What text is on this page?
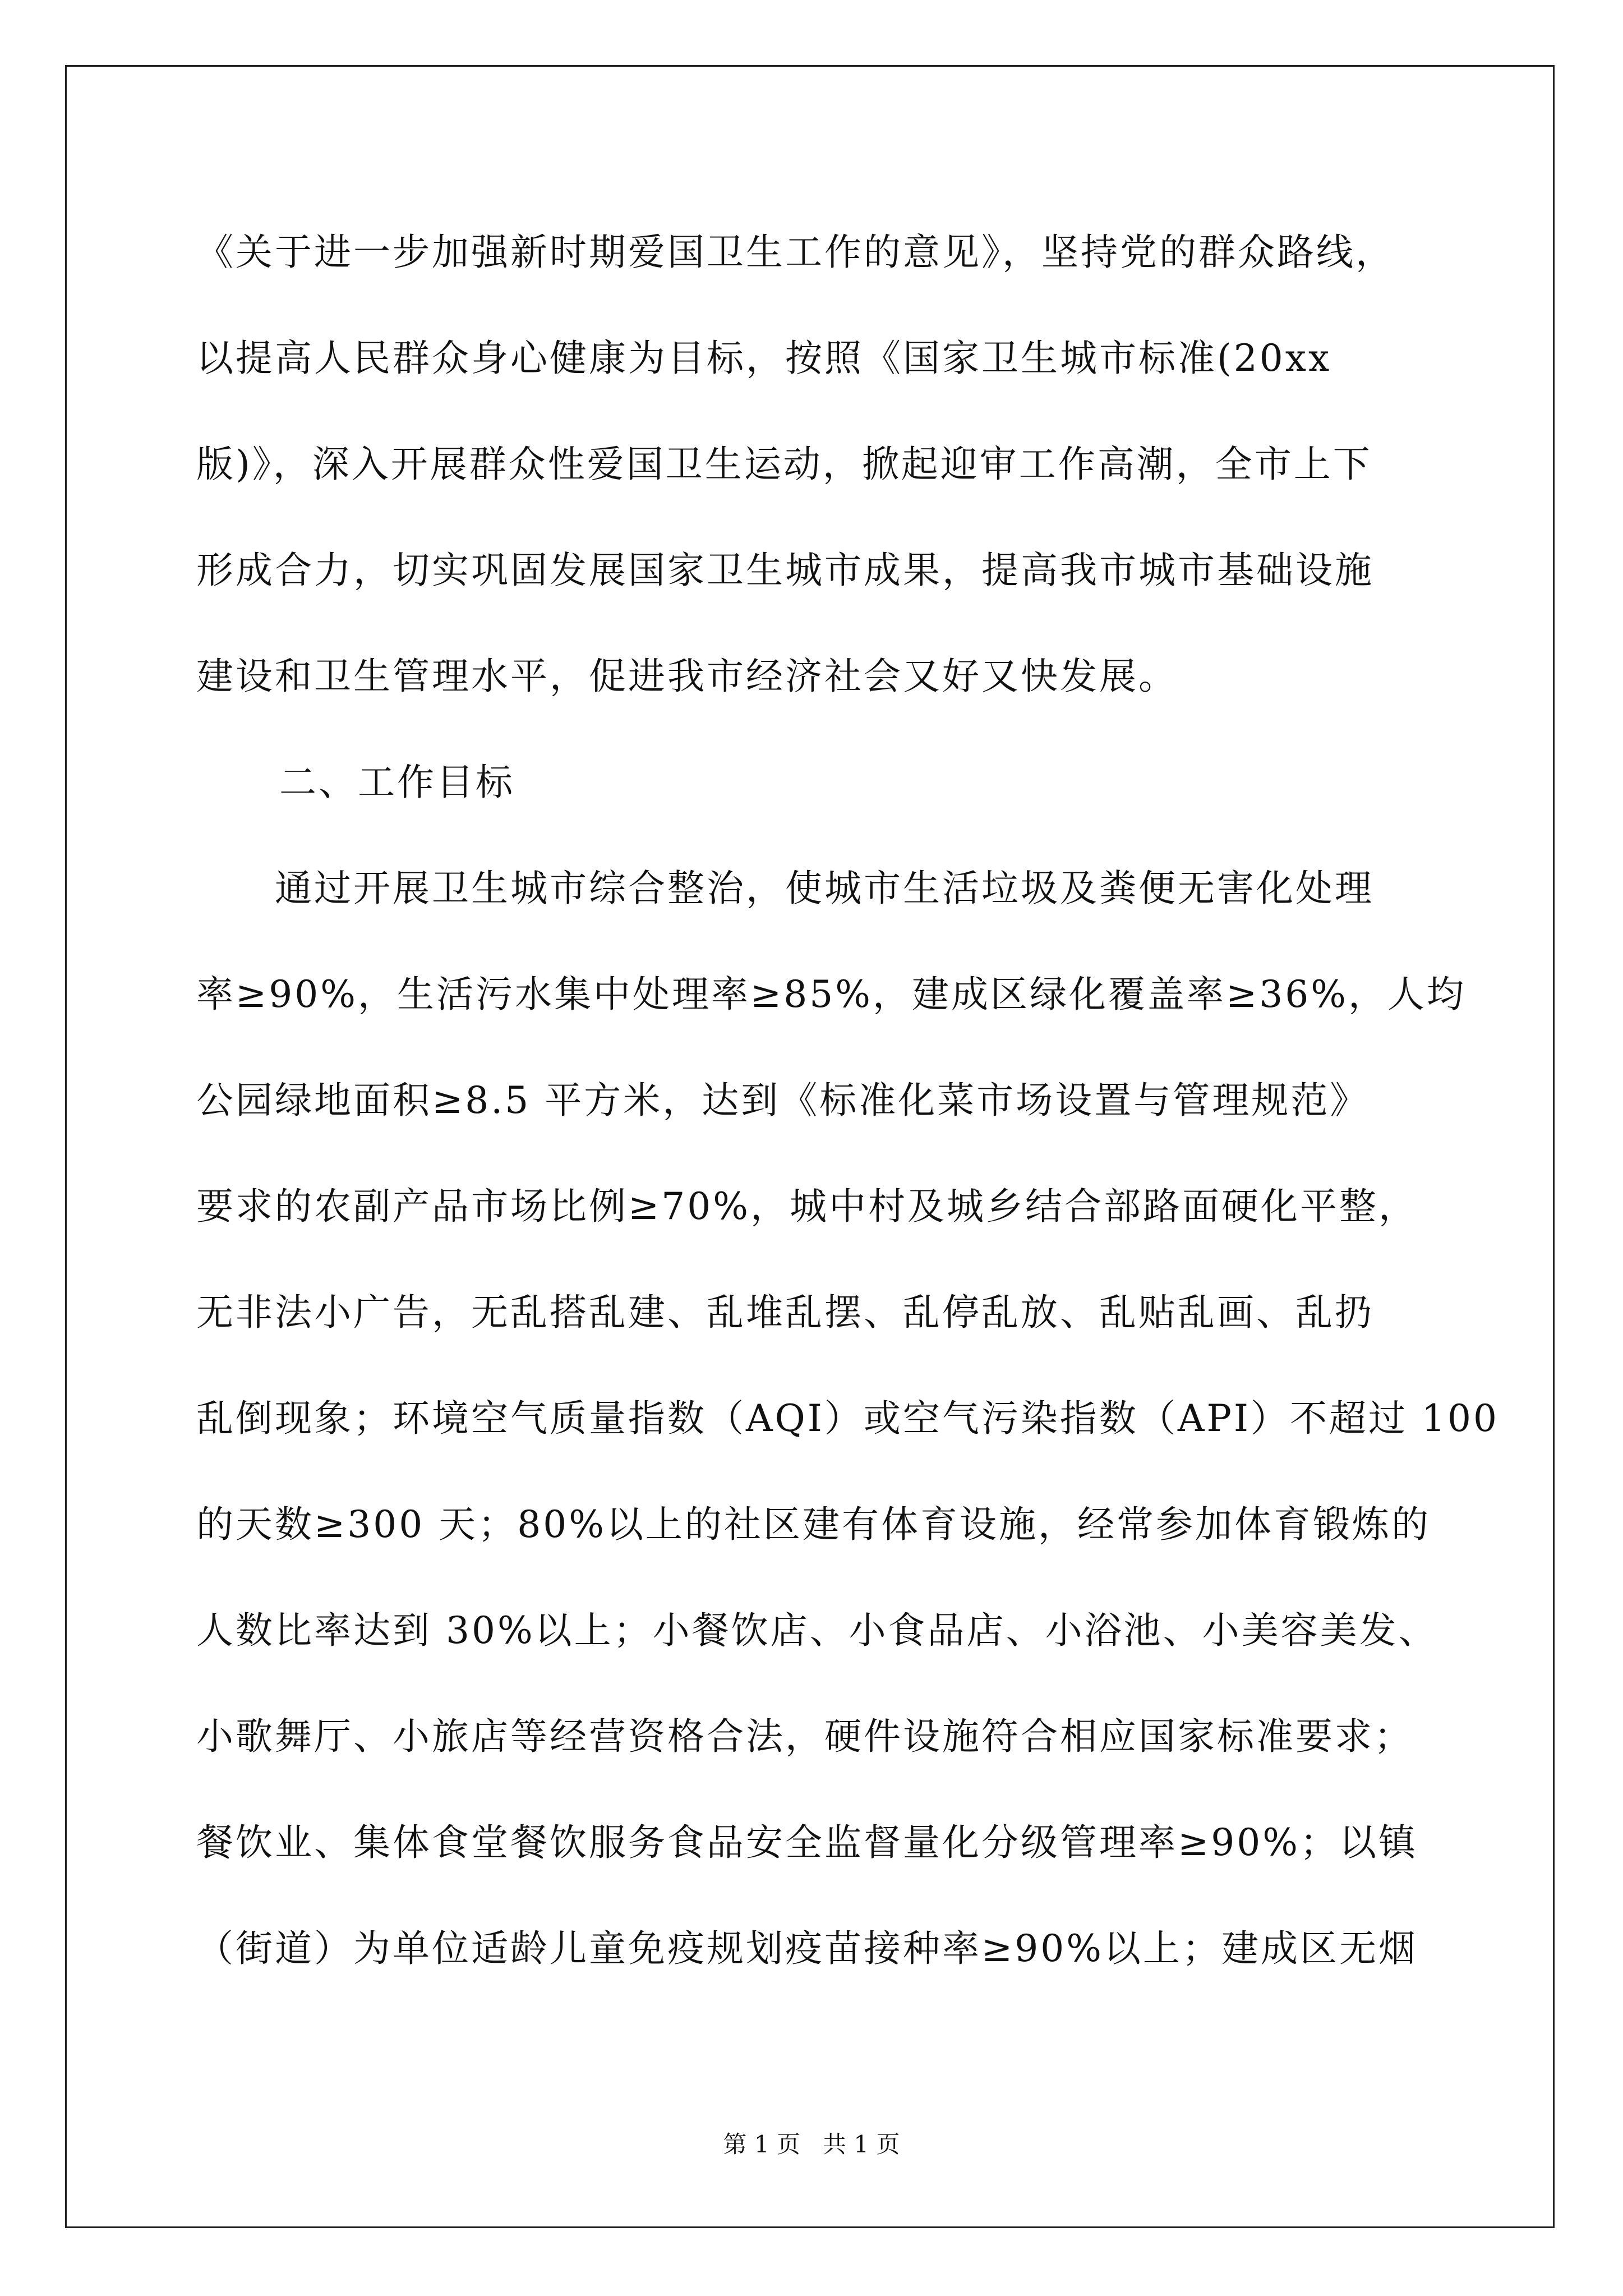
《关于进一步加强新时期爱国卫生工作的意见》，坚持党的群众路线，
以提高人民群众身心健康为目标，按照《国家卫生城市标准(20xx
版)》，深入开展群众性爱国卫生运动，掀起迎审工作高潮，全市上下
形成合力，切实巩固发展国家卫生城市成果，提高我市城市基础设施
建设和卫生管理水平，促进我市经济社会又好又快发展。
二、工作目标
通过开展卫生城市综合整治，使城市生活垃圾及粪便无害化处理
率≥90%，生活污水集中处理率≥85%，建成区绿化覆盖率≥36%，人均
公园绿地面积≥8.5 平方米，达到《标准化菜市场设置与管理规范》
要求的农副产品市场比例≥70%，城中村及城乡结合部路面硬化平整，
无非法小广告，无乱搭乱建、乱堆乱摆、乱停乱放、乱贴乱画、乱扔
乱倒现象；环境空气质量指数（AQI）或空气污染指数（API）不超过 100
的天数≥300 天；80%以上的社区建有体育设施，经常参加体育锻炼的
人数比率达到 30%以上；小餐饮店、小食品店、小浴池、小美容美发、
小歌舞厅、小旅店等经营资格合法，硬件设施符合相应国家标准要求；
餐饮业、集体食堂餐饮服务食品安全监督量化分级管理率≥90%；以镇
（街道）为单位适龄儿童免疫规划疫苗接种率≥90%以上；建成区无烟
第 1 页   共 1 页
